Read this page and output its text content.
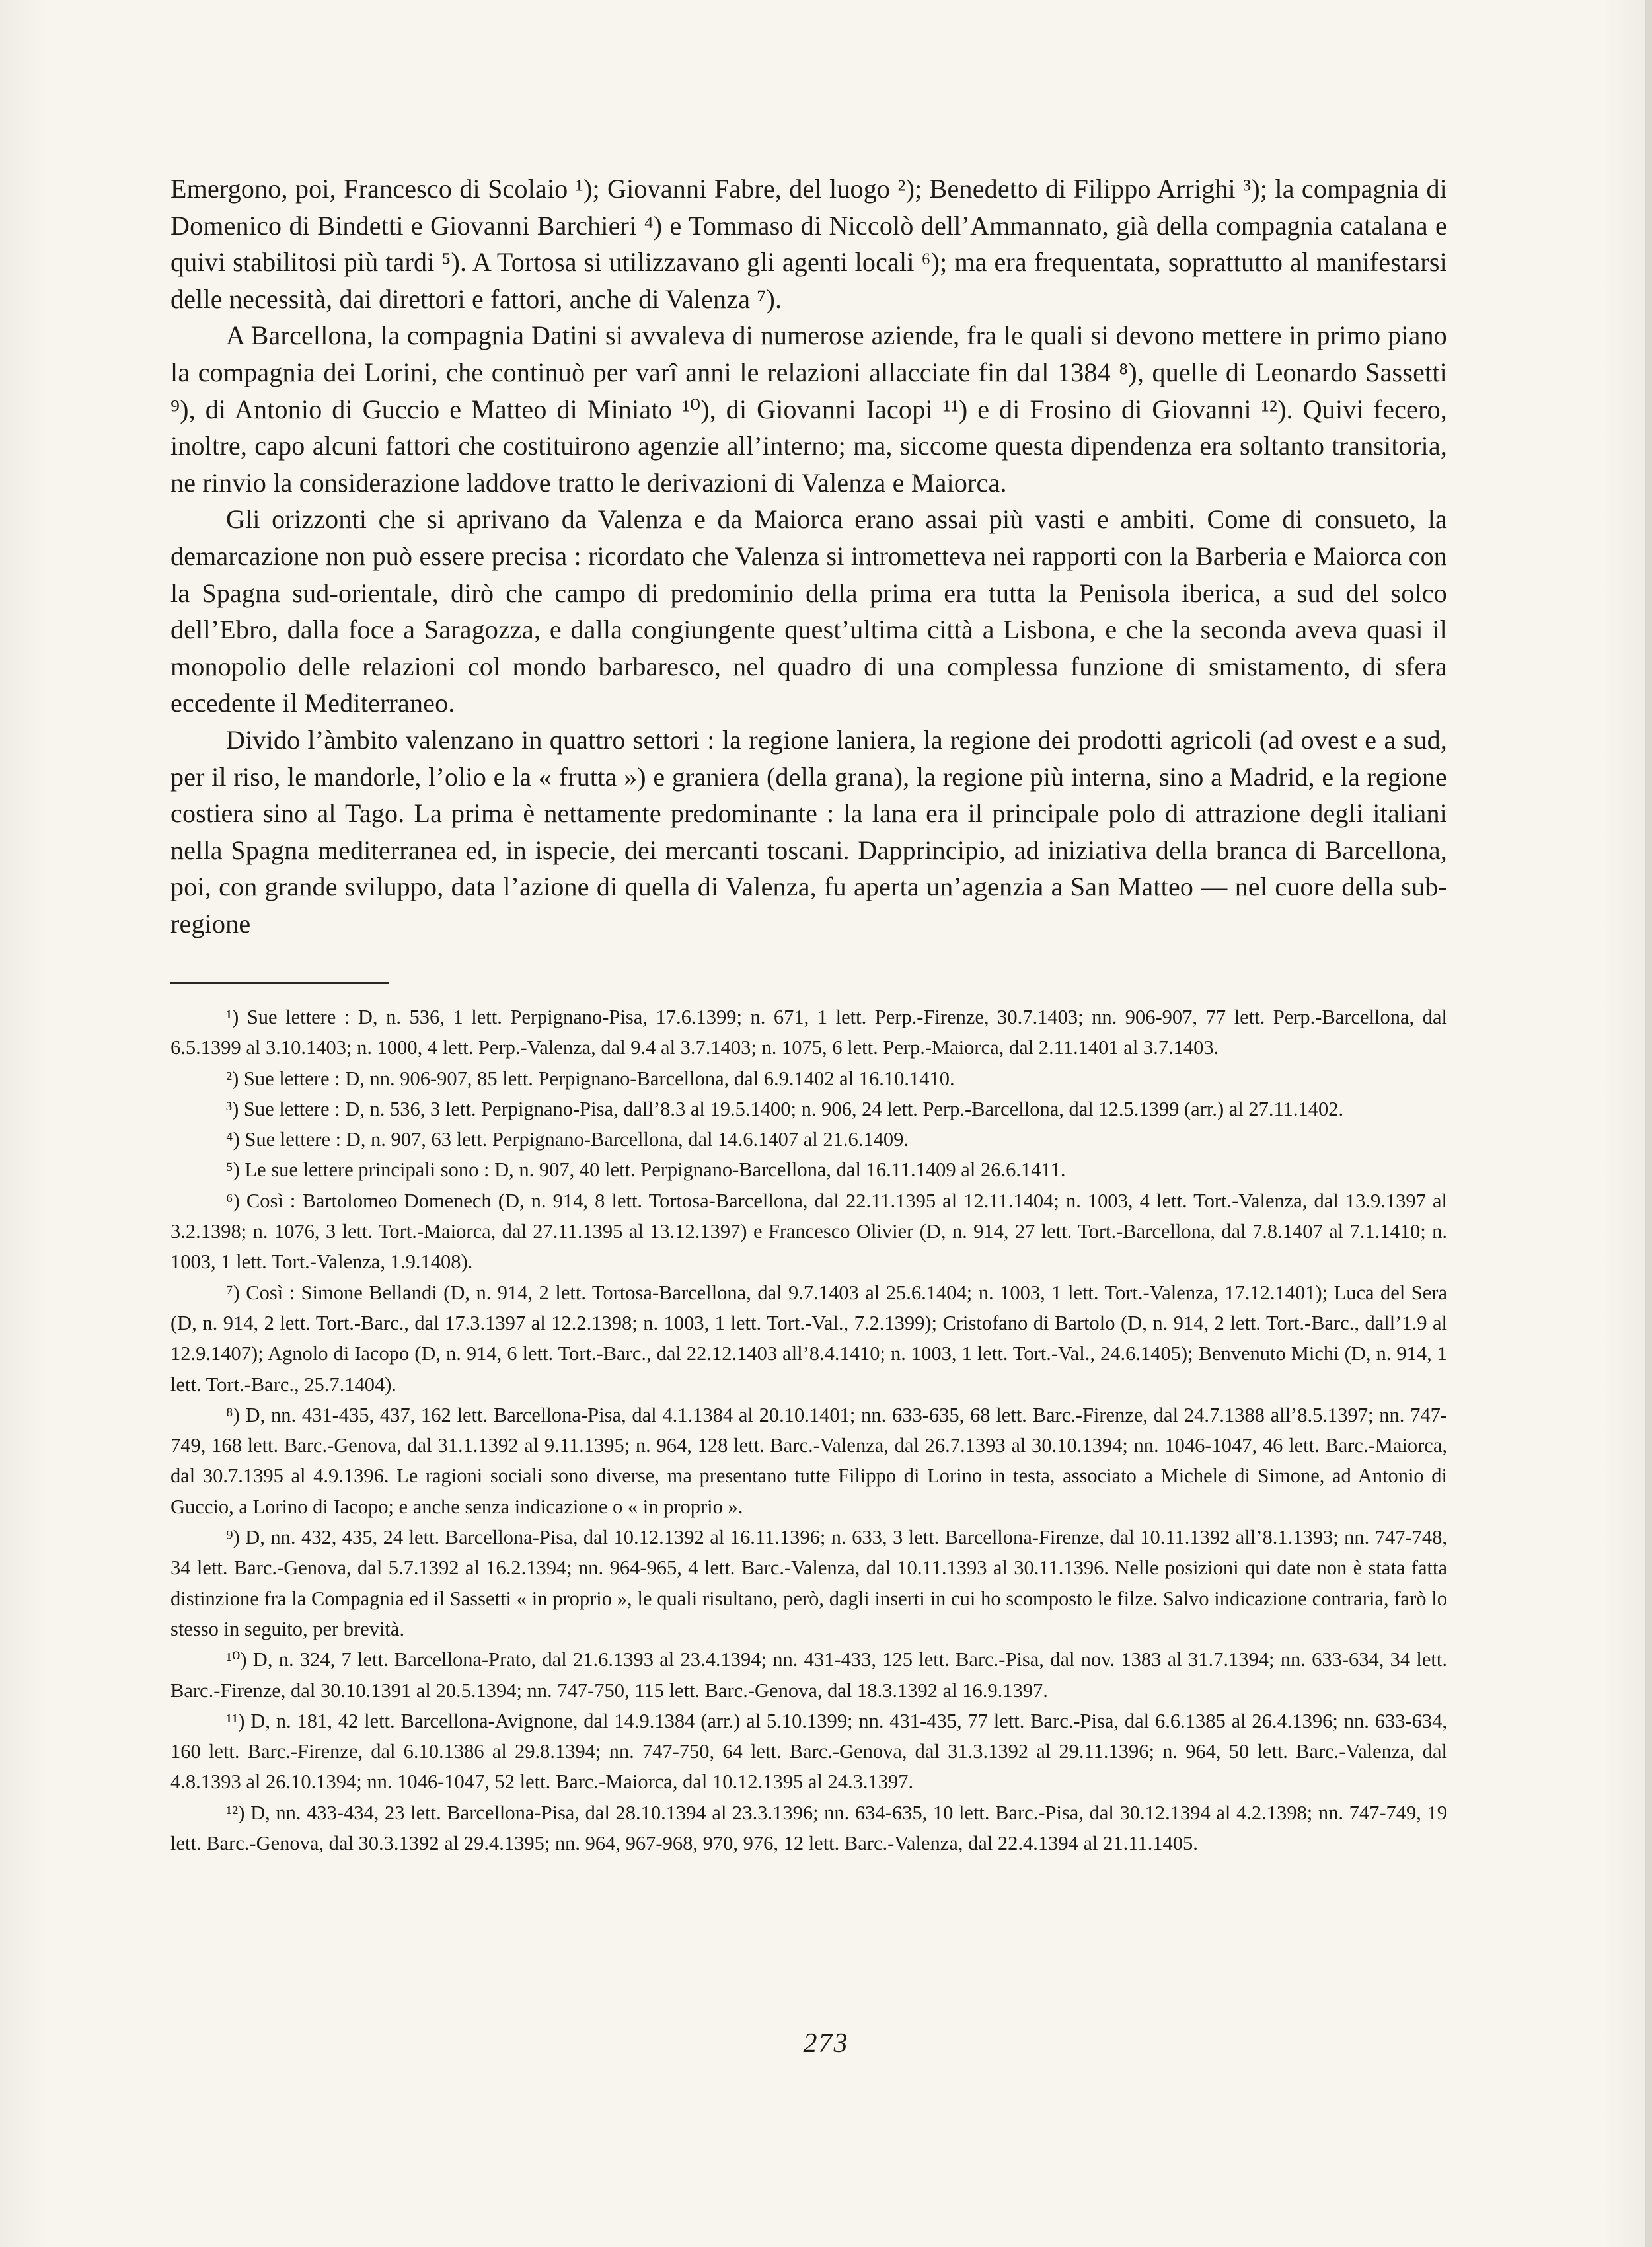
Emergono, poi, Francesco di Scolaio ¹); Giovanni Fabre, del luogo ²); Benedetto di Filippo Arrighi ³); la compagnia di Domenico di Bindetti e Giovanni Barchieri ⁴) e Tommaso di Niccolò dell’Ammannato, già della compagnia catalana e quivi stabilitosi più tardi ⁵). A Tortosa si utilizzavano gli agenti locali ⁶); ma era frequentata, soprattutto al manifestarsi delle necessità, dai direttori e fattori, anche di Valenza ⁷).

A Barcellona, la compagnia Datini si avvaleva di numerose aziende, fra le quali si devono mettere in primo piano la compagnia dei Lorini, che continuò per varî anni le relazioni allacciate fin dal 1384 ⁸), quelle di Leonardo Sassetti ⁹), di Antonio di Guccio e Matteo di Miniato ¹⁰), di Giovanni Iacopi ¹¹) e di Frosino di Giovanni ¹²). Quivi fecero, inoltre, capo alcuni fattori che costituirono agenzie all’interno; ma, siccome questa dipendenza era soltanto transitoria, ne rinvio la considerazione laddove tratto le derivazioni di Valenza e Maiorca.

Gli orizzonti che si aprivano da Valenza e da Maiorca erano assai più vasti e ambiti. Come di consueto, la demarcazione non può essere precisa : ricordato che Valenza si intrometteva nei rapporti con la Barberia e Maiorca con la Spagna sud-orientale, dirò che campo di predominio della prima era tutta la Penisola iberica, a sud del solco dell’Ebro, dalla foce a Saragozza, e dalla congiungente quest’ultima città a Lisbona, e che la seconda aveva quasi il monopolio delle relazioni col mondo barbaresco, nel quadro di una complessa funzione di smistamento, di sfera eccedente il Mediterraneo.

Divido l’àmbito valenzano in quattro settori : la regione laniera, la regione dei prodotti agricoli (ad ovest e a sud, per il riso, le mandorle, l’olio e la « frutta ») e graniera (della grana), la regione più interna, sino a Madrid, e la regione costiera sino al Tago. La prima è nettamente predominante : la lana era il principale polo di attrazione degli italiani nella Spagna mediterranea ed, in ispecie, dei mercanti toscani. Dapprincipio, ad iniziativa della branca di Barcellona, poi, con grande sviluppo, data l’azione di quella di Valenza, fu aperta un’agenzia a San Matteo — nel cuore della sub-regione

¹) Sue lettere : D, n. 536, 1 lett. Perpignano-Pisa, 17.6.1399; n. 671, 1 lett. Perp.-Firenze, 30.7.1403; nn. 906-907, 77 lett. Perp.-Barcellona, dal 6.5.1399 al 3.10.1403; n. 1000, 4 lett. Perp.-Valenza, dal 9.4 al 3.7.1403; n. 1075, 6 lett. Perp.-Maiorca, dal 2.11.1401 al 3.7.1403.

²) Sue lettere : D, nn. 906-907, 85 lett. Perpignano-Barcellona, dal 6.9.1402 al 16.10.1410.

³) Sue lettere : D, n. 536, 3 lett. Perpignano-Pisa, dall’8.3 al 19.5.1400; n. 906, 24 lett. Perp.-Barcellona, dal 12.5.1399 (arr.) al 27.11.1402.

⁴) Sue lettere : D, n. 907, 63 lett. Perpignano-Barcellona, dal 14.6.1407 al 21.6.1409.

⁵) Le sue lettere principali sono : D, n. 907, 40 lett. Perpignano-Barcellona, dal 16.11.1409 al 26.6.1411.

⁶) Così : Bartolomeo Domenech (D, n. 914, 8 lett. Tortosa-Barcellona, dal 22.11.1395 al 12.11.1404; n. 1003, 4 lett. Tort.-Valenza, dal 13.9.1397 al 3.2.1398; n. 1076, 3 lett. Tort.-Maiorca, dal 27.11.1395 al 13.12.1397) e Francesco Olivier (D, n. 914, 27 lett. Tort.-Barcellona, dal 7.8.1407 al 7.1.1410; n. 1003, 1 lett. Tort.-Valenza, 1.9.1408).

⁷) Così : Simone Bellandi (D, n. 914, 2 lett. Tortosa-Barcellona, dal 9.7.1403 al 25.6.1404; n. 1003, 1 lett. Tort.-Valenza, 17.12.1401); Luca del Sera (D, n. 914, 2 lett. Tort.-Barc., dal 17.3.1397 al 12.2.1398; n. 1003, 1 lett. Tort.-Val., 7.2.1399); Cristofano di Bartolo (D, n. 914, 2 lett. Tort.-Barc., dall’1.9 al 12.9.1407); Agnolo di Iacopo (D, n. 914, 6 lett. Tort.-Barc., dal 22.12.1403 all’8.4.1410; n. 1003, 1 lett. Tort.-Val., 24.6.1405); Benvenuto Michi (D, n. 914, 1 lett. Tort.-Barc., 25.7.1404).

⁸) D, nn. 431-435, 437, 162 lett. Barcellona-Pisa, dal 4.1.1384 al 20.10.1401; nn. 633-635, 68 lett. Barc.-Firenze, dal 24.7.1388 all’8.5.1397; nn. 747-749, 168 lett. Barc.-Genova, dal 31.1.1392 al 9.11.1395; n. 964, 128 lett. Barc.-Valenza, dal 26.7.1393 al 30.10.1394; nn. 1046-1047, 46 lett. Barc.-Maiorca, dal 30.7.1395 al 4.9.1396. Le ragioni sociali sono diverse, ma presentano tutte Filippo di Lorino in testa, associato a Michele di Simone, ad Antonio di Guccio, a Lorino di Iacopo; e anche senza indicazione o « in proprio ».

⁹) D, nn. 432, 435, 24 lett. Barcellona-Pisa, dal 10.12.1392 al 16.11.1396; n. 633, 3 lett. Barcellona-Firenze, dal 10.11.1392 all’8.1.1393; nn. 747-748, 34 lett. Barc.-Genova, dal 5.7.1392 al 16.2.1394; nn. 964-965, 4 lett. Barc.-Valenza, dal 10.11.1393 al 30.11.1396. Nelle posizioni qui date non è stata fatta distinzione fra la Compagnia ed il Sassetti « in proprio », le quali risultano, però, dagli inserti in cui ho scomposto le filze. Salvo indicazione contraria, farò lo stesso in seguito, per brevità.

¹⁰) D, n. 324, 7 lett. Barcellona-Prato, dal 21.6.1393 al 23.4.1394; nn. 431-433, 125 lett. Barc.-Pisa, dal nov. 1383 al 31.7.1394; nn. 633-634, 34 lett. Barc.-Firenze, dal 30.10.1391 al 20.5.1394; nn. 747-750, 115 lett. Barc.-Genova, dal 18.3.1392 al 16.9.1397.

¹¹) D, n. 181, 42 lett. Barcellona-Avignone, dal 14.9.1384 (arr.) al 5.10.1399; nn. 431-435, 77 lett. Barc.-Pisa, dal 6.6.1385 al 26.4.1396; nn. 633-634, 160 lett. Barc.-Firenze, dal 6.10.1386 al 29.8.1394; nn. 747-750, 64 lett. Barc.-Genova, dal 31.3.1392 al 29.11.1396; n. 964, 50 lett. Barc.-Valenza, dal 4.8.1393 al 26.10.1394; nn. 1046-1047, 52 lett. Barc.-Maiorca, dal 10.12.1395 al 24.3.1397.

¹²) D, nn. 433-434, 23 lett. Barcellona-Pisa, dal 28.10.1394 al 23.3.1396; nn. 634-635, 10 lett. Barc.-Pisa, dal 30.12.1394 al 4.2.1398; nn. 747-749, 19 lett. Barc.-Genova, dal 30.3.1392 al 29.4.1395; nn. 964, 967-968, 970, 976, 12 lett. Barc.-Valenza, dal 22.4.1394 al 21.11.1405.

273
